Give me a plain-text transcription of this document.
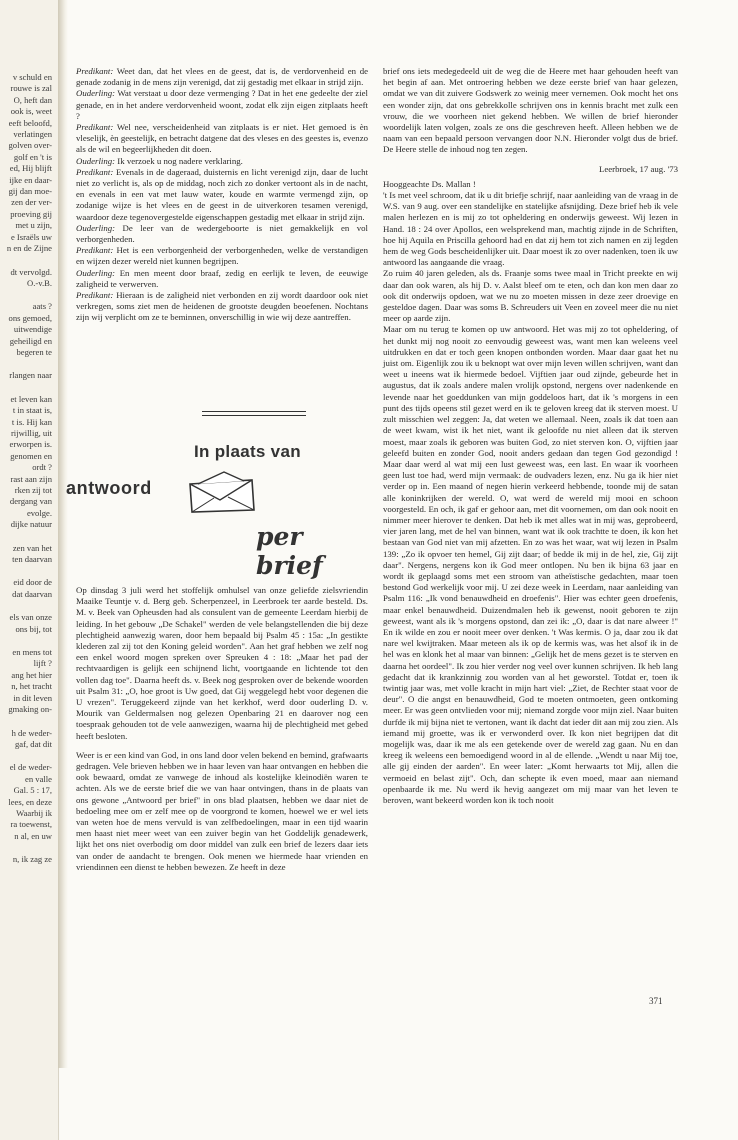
v schuld en
rouwe is zal
O, heft dan
ook is, weet
eeft beloofd,
verlatingen
golven over-
golf en 't is
ed, Hij blijft
ijke en daar-
gij dan moe-
zen der ver-
proeving gij
met u zijn,
e Israëls uw
n en de Zijne
dt vervolgd.
O.-v.B.
aats ?
ons gemoed,
uitwendige
geheiligd en
begeren te
rlangen naar
et leven kan
t in staat is,
t is. Hij kan
rijwillig, uit
erworpen is.
genomen en
ordt ?
rast aan zijn
rken zij tot
dergang van
evolge.
dijke natuur
zen van het
ten daarvan
eid door de
dat daarvan
els van onze
ons bij, tot
en mens tot
lijft ?
ang het hier
n, het tracht
in dit leven
gmaking on-
h de weder-
gaf, dat dit
el de weder-
en valle
Gal. 5 : 17,
lees, en deze
Waarbij ik
ra toewenst,
n al, en uw
n, ik zag ze

Predikant: Weet dan, dat het vlees en de geest, dat is, de verdorvenheid en de genade zodanig in de mens zijn verenigd, dat zij gestadig met elkaar in strijd zijn.

Ouderling: Wat verstaat u door deze vermenging ? Dat in het ene gedeelte der ziel genade, en in het andere verdorvenheid woont, zodat elk zijn eigen zitplaats heeft ?

Predikant: Wel nee, verscheidenheid van zitplaats is er niet. Het gemoed is èn vleselijk, èn geestelijk, en betracht datgene dat des vleses en des geestes is, evenzo als de wil en begeerlijkheden dit doen.

Ouderling: Ik verzoek u nog nadere verklaring.

Predikant: Evenals in de dageraad, duisternis en licht verenigd zijn, daar de lucht niet zo verlicht is, als op de middag, noch zich zo donker vertoont als in de nacht, en evenals in een vat met lauw water, koude en warmte vermengd zijn, op zodanige wijze is het vlees en de geest in de uitverkoren tesamen verenigd, waardoor deze tegenovergestelde eigenschappen gestadig met elkaar in strijd zijn.

Ouderling: De leer van de wedergeboorte is niet gemakkelijk en vol verborgenheden.

Predikant: Het is een verborgenheid der verborgenheden, welke de verstandigen en wijzen dezer wereld niet kunnen begrijpen.

Ouderling: En men meent door braaf, zedig en eerlijk te leven, de eeuwige zaligheid te verwerven.

Predikant: Hieraan is de zaligheid niet verbonden en zij wordt daardoor ook niet verkregen, soms ziet men de heidenen de grootste deugden beoefenen. Nochtans zijn wij verplicht om ze te beminnen, onverschillig in wie wij deze aantreffen.

In plaats van
antwoord
per brief

Op dinsdag 3 juli werd het stoffelijk omhulsel van onze geliefde zielsvriendin Maaike Teuntje v. d. Berg geb. Scherpenzeel, in Leerbroek ter aarde besteld. Ds. M. v. Beek van Opheusden had als consulent van de gemeente Leerdam hierbij de leiding. In het gebouw „De Schakel" werden de vele belangstellenden die bij deze plechtigheid aanwezig waren, door hem bepaald bij Psalm 45 : 15a: „In gestikte klederen zal zij tot den Koning geleid worden". Aan het graf hebben we zelf nog een enkel woord mogen spreken over Spreuken 4 : 18: „Maar het pad der rechtvaardigen is gelijk een schijnend licht, voortgaande en lichtende tot den vollen dag toe". Daarna heeft ds. v. Beek nog gesproken over de bekende woorden uit Psalm 31: „O, hoe groot is Uw goed, dat Gij weggelegd hebt voor degenen die U vrezen". Teruggekeerd zijnde van het kerkhof, werd door ouderling D. v. Mourik van Geldermalsen nog gelezen Openbaring 21 en daarover nog een toespraak gehouden tot de vele aanwezigen, waarna hij de plechtigheid met gebed heeft besloten.

Weer is er een kind van God, in ons land door velen bekend en bemind, grafwaarts gedragen. Vele brieven hebben we in haar leven van haar ontvangen en hebben die ook bewaard, omdat ze vanwege de inhoud als kostelijke kleinodiën waren te achten. Als we de eerste brief die we van haar ontvingen, thans in de plaats van ons gewone „Antwoord per brief" in ons blad plaatsen, hebben we daar niet de bedoeling mee om er zelf mee op de voorgrond te komen, hoewel we er wel iets van weten hoe de mens vervuld is van zelfbedoelingen, maar in een tijd waarin men haast niet meer weet van een zuiver begin van het Goddelijk genadewerk, lijkt het ons niet overbodig om door middel van zulk een brief de lezers daar iets van onder de aandacht te brengen. Ook menen we hiermede haar vrienden en vriendinnen een dienst te hebben bewezen. Ze heeft in deze

brief ons iets medegedeeld uit de weg die de Heere met haar gehouden heeft van het begin af aan. Met ontroering hebben we deze eerste brief van haar gelezen, omdat we van dit zuivere Godswerk zo weinig meer vernemen. Ook mocht het ons een wonder zijn, dat ons gebrekkolle schrijven ons in kennis bracht met zulk een vrouw, die we voorheen niet gekend hebben. We willen de brief hieronder woordelijk laten volgen, zoals ze ons die geschreven heeft. Alleen hebben we de naam van een bepaald persoon vervangen door N.N. Hieronder volgt dus de brief. De Heere stelle de inhoud nog ten zegen.

Leerbroek, 17 aug. '73

Hooggeachte Ds. Mallan !

't Is met veel schroom, dat ik u dit briefje schrijf, naar aanleiding van de vraag in de W.S. van 9 aug. over een standelijke en statelijke afsnijding. Deze brief heb ik vele malen herlezen en is mij zo tot opheldering en onderwijs geweest. Wij lezen in Hand. 18 : 24 over Apollos, een welsprekend man, machtig zijnde in de Schriften, hoe hij Aquila en Priscilla gehoord had en dat zij hem tot zich namen en zij legden hem de weg Gods bescheidenlijker uit. Daar moest ik zo over nadenken, toen ik uw antwoord las aangaande die vraag.

Zo ruim 40 jaren geleden, als ds. Fraanje soms twee maal in Tricht preekte en wij daar dan ook waren, als hij D. v. Aalst bleef om te eten, och dan kon men daar zo ook dit onderwijs opdoen, wat we nu zo moeten missen in deze zeer droevige en gesteldoe dagen. Daar was soms B. Schreuders uit Veen en zoveel meer die nu niet meer op aarde zijn.

Maar om nu terug te komen op uw antwoord. Het was mij zo tot opheldering, of het dunkt mij nog nooit zo eenvoudig geweest was, want men kan weleens veel uitdrukken en dat er toch geen knopen ontbonden worden. Maar daar gaat het nu juist om. Eigenlijk zou ik u beknopt wat over mijn leven willen schrijven, want dan weet u ineens wat ik hiermede bedoel. Vijftien jaar oud zijnde, gebeurde het in augustus, dat ik zoals andere malen vrolijk opstond, nergens over nadenkende en levende naar het goeddunken van mijn goddeloos hart, dat ik 's morgens in een punt des tijds opeens stil gezet werd en ik te geloven kreeg dat ik sterven moest. U zult misschien wel zeggen: Ja, dat weten we allemaal. Neen, zoals ik dat toen aan de weet kwam, wist ik het niet, want ik geloofde nu niet alleen dat ik sterven moest, maar zoals ik geboren was buiten God, zo niet sterven kon. O, vijftien jaar geleefd buiten en zonder God, nooit anders gedaan dan tegen God gezondigd ! Maar daar werd al wat mij een lust geweest was, een last. En waar ik voorheen geen lust toe had, werd mijn vermaak: de oudvaders lezen, enz. Nu ga ik hier niet verder op in. Een maand of negen hierin verkeerd hebbende, toonde mij de satan alle koninkrijken der wereld. O, wat werd de wereld mij mooi en schoon voorgesteld. En och, ik gaf er gehoor aan, met dit voornemen, om dan ook nooit en nimmer meer hierover te denken. Dat heb ik met alles wat in mij was, geprobeerd, vier jaren lang, met de hel van binnen, want wat ik ook trachtte te doen, ik kon het bestaan van God niet van mij afzetten. En zo was het waar, wat wij lezen in Psalm 139: „Zo ik opvoer ten hemel, Gij zijt daar; of bedde ik mij in de hel, zie, Gij zijt daar". Nergens, nergens kon ik God meer ontlopen. Nu ben ik bijna 63 jaar en wordt ik geplaagd soms met een stroom van atheïstische gedachten, maar toen bestond God werkelijk voor mij. U zei deze week in Leerdam, naar aanleiding van Psalm 116: „Ik vond benauwdheid en droefenis". Hier was echter geen droefenis, maar enkel benauwdheid. Duizendmalen heb ik gewenst, nooit geboren te zijn geweest, want als ik 's morgens opstond, dan zei ik: „O, daar is dat nare alweer !" En ik wilde en zou er nooit meer over denken. 't Was kermis. O ja, daar zou ik dat nare wel kwijtraken. Maar meteen als ik op de kermis was, was het alsof ik in de hel was en klonk het al maar van binnen: „Gelijk het de mens gezet is te sterven en daarna het oordeel". Ik zou hier verder nog veel over kunnen schrijven. Ik heb lang gedacht dat ik krankzinnig zou worden van al het geworstel. Totdat er, toen ik twintig jaar was, met volle kracht in mijn hart viel: „Ziet, de Rechter staat voor de deur". O die angst en benauwdheid, God te moeten ontmoeten, geen ontkoming meer. Er was geen ontvlieden voor mij; niemand zorgde voor mijn ziel. Naar buiten durfde ik mij bijna niet te vertonen, want ik dacht dat ieder dit aan mij zou zien. Als iemand mij groette, was ik er verwonderd over. Ik kon niet begrijpen dat dit mogelijk was, daar ik me als een getekende over de wereld zag gaan. Nu en dan kreeg ik weleens een bemoedigend woord in al de ellende. „Wendt u naar Mij toe, alle gij einden der aarden". En weer later: „Komt herwaarts tot Mij, allen die vermoeid en belast zijt". Och, dan schepte ik even moed, maar aan niemand openbaarde ik me. Nu werd ik hevig aangezet om mij maar van het leven te beroven, want bekeerd worden kon ik toch nooit

371
